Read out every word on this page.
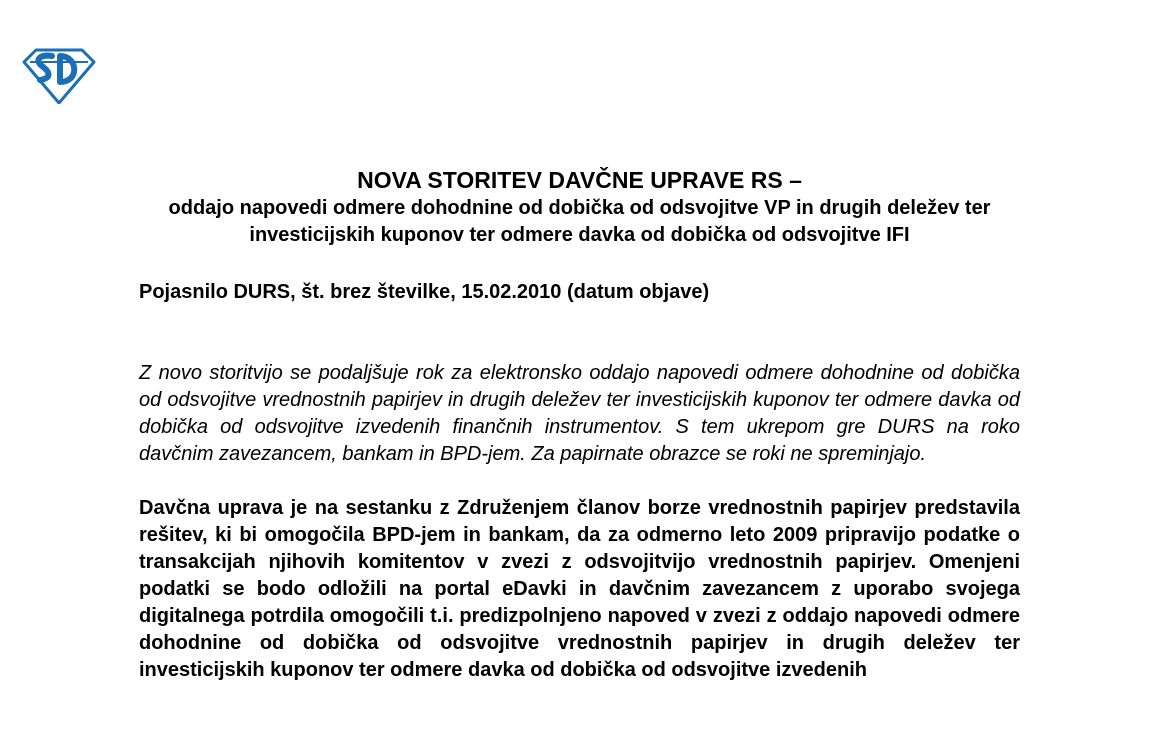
NOVA STORITEV DAVČNE UPRAVE RS –
oddajo napovedi odmere dohodnine od dobička od odsvojitve VP in drugih deležev ter investicijskih kuponov ter odmere davka od dobička od odsvojitve IFI

Pojasnilo DURS, št. brez številke, 15.02.2010 (datum objave)

Z novo storitvijo se podaljšuje rok za elektronsko oddajo napovedi odmere dohodnine od dobička od odsvojitve vrednostnih papirjev in drugih deležev ter investicijskih kuponov ter odmere davka od dobička od odsvojitve izvedenih finančnih instrumentov. S tem ukrepom gre DURS na roko davčnim zavezancem, bankam in BPD-jem. Za papirnate obrazce se roki ne spreminjajo.

Davčna uprava je na sestanku z Združenjem članov borze vrednostnih papirjev predstavila rešitev, ki bi omogočila BPD-jem in bankam, da za odmerno leto 2009 pripravijo podatke o transakcijah njihovih komitentov v zvezi z odsvojitvijo vrednostnih papirjev. Omenjeni podatki se bodo odložili na portal eDavki in davčnim zavezancem z uporabo svojega digitalnega potrdila omogočili t.i. predizpolnjeno napoved v zvezi z oddajo napovedi odmere dohodnine od dobička od odsvojitve vrednostnih papirjev in drugih deležev ter investicijskih kuponov ter odmere davka od dobička od odsvojitve izvedenih
